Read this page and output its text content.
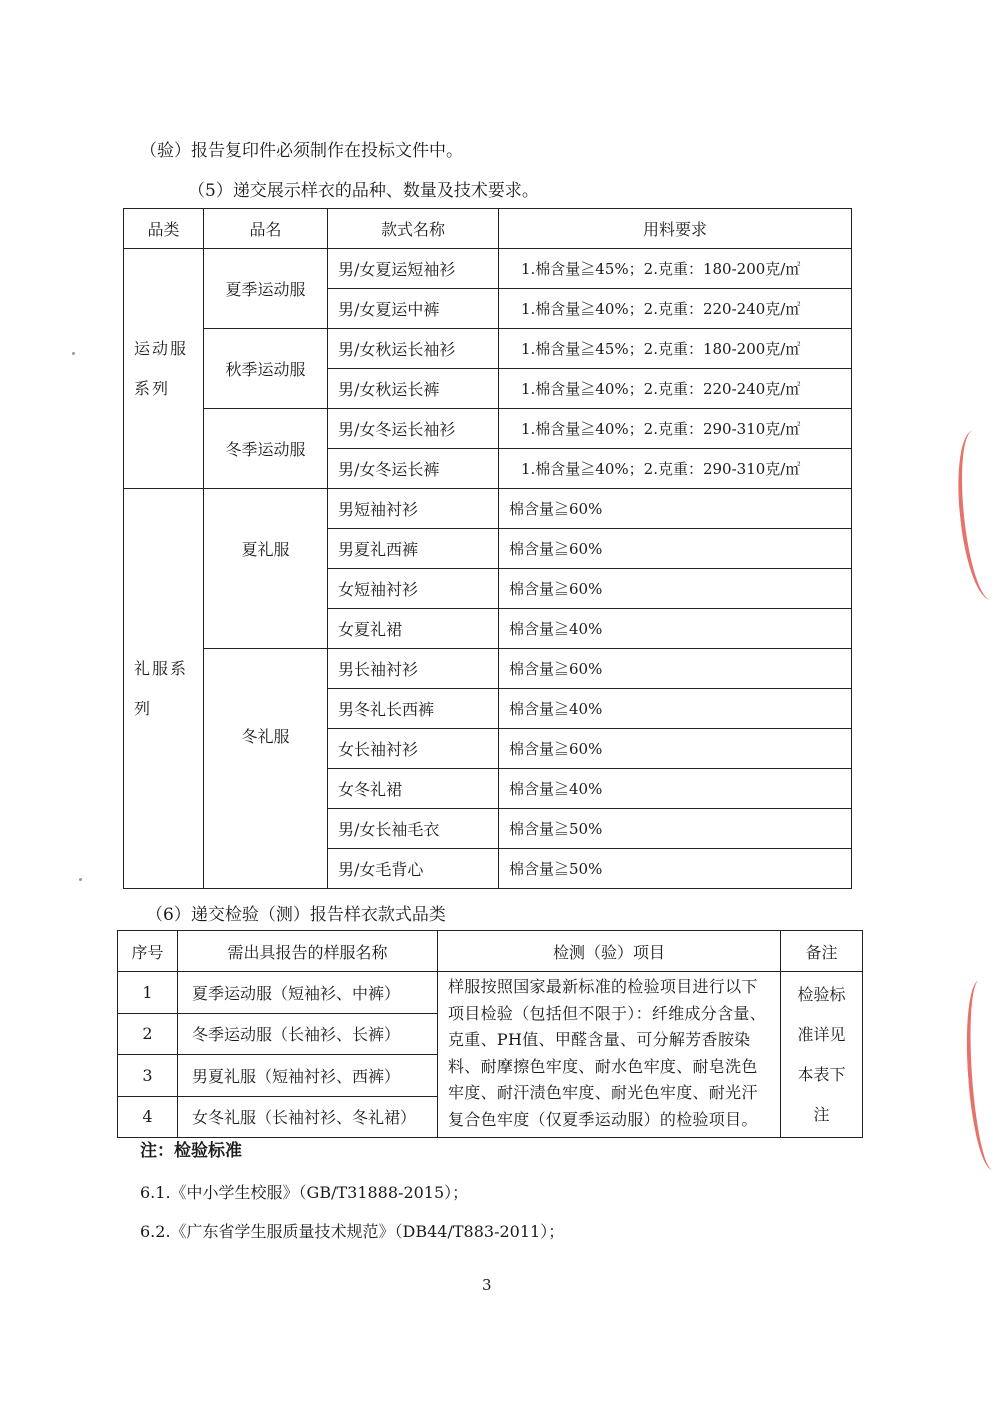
（验）报告复印件必须制作在投标文件中。
（5）递交展示样衣的品种、数量及技术要求。
品类	品名	款式名称	用料要求
运动服系列	夏季运动服	男/女夏运短袖衫	1.棉含量≧45%；2.克重：180-200克/㎡
		男/女夏运中裤	1.棉含量≧40%；2.克重：220-240克/㎡
	秋季运动服	男/女秋运长袖衫	1.棉含量≧45%；2.克重：180-200克/㎡
		男/女秋运长裤	1.棉含量≧40%；2.克重：220-240克/㎡
	冬季运动服	男/女冬运长袖衫	1.棉含量≧40%；2.克重：290-310克/㎡
		男/女冬运长裤	1.棉含量≧40%；2.克重：290-310克/㎡
礼服系列	夏礼服	男短袖衬衫	棉含量≧60%
		男夏礼西裤	棉含量≧60%
		女短袖衬衫	棉含量≧60%
		女夏礼裙	棉含量≧40%
	冬礼服	男长袖衬衫	棉含量≧60%
		男冬礼长西裤	棉含量≧40%
		女长袖衬衫	棉含量≧60%
		女冬礼裙	棉含量≧40%
		男/女长袖毛衣	棉含量≧50%
		男/女毛背心	棉含量≧50%
（6）递交检验（测）报告样衣款式品类
序号	需出具报告的样服名称	检测（验）项目	备注
1	夏季运动服（短袖衫、中裤）	样服按照国家最新标准的检验项目进行以下项目检验（包括但不限于）：纤维成分含量、克重、PH值、甲醛含量、可分解芳香胺染料、耐摩擦色牢度、耐水色牢度、耐皂洗色牢度、耐汗渍色牢度、耐光色牢度、耐光汗复合色牢度（仅夏季运动服）的检验项目。	检验标准详见本表下注
2	冬季运动服（长袖衫、长裤）		
3	男夏礼服（短袖衬衫、西裤）		
4	女冬礼服（长袖衬衫、冬礼裙）		
注：检验标准
6.1.《中小学生校服》（GB/T31888-2015）；
6.2.《广东省学生服质量技术规范》（DB44/T883-2011）；
3
